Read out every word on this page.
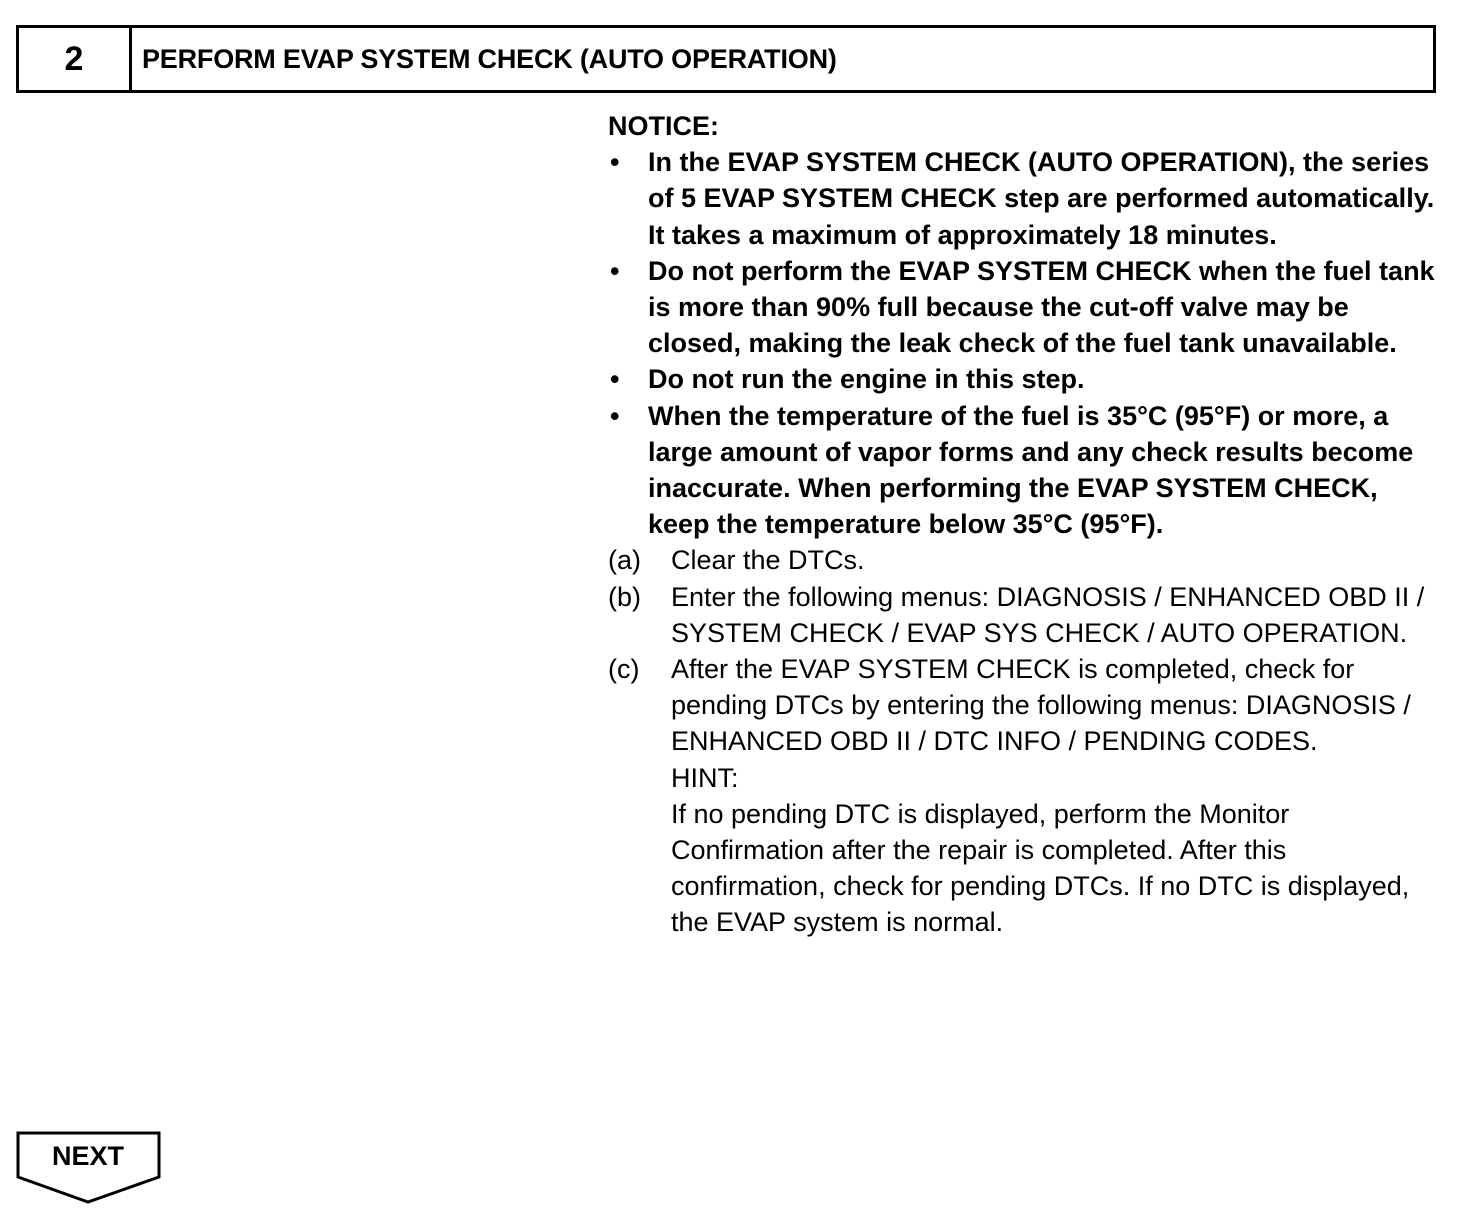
2	PERFORM EVAP SYSTEM CHECK (AUTO OPERATION)
NOTICE:
•	In the EVAP SYSTEM CHECK (AUTO OPERATION), the series of 5 EVAP SYSTEM CHECK step are performed automatically. It takes a maximum of approximately 18 minutes.
•	Do not perform the EVAP SYSTEM CHECK when the fuel tank is more than 90% full because the cut-off valve may be closed, making the leak check of the fuel tank unavailable.
•	Do not run the engine in this step.
•	When the temperature of the fuel is 35°C (95°F) or more, a large amount of vapor forms and any check results become inaccurate. When performing the EVAP SYSTEM CHECK, keep the temperature below 35°C (95°F).
(a)	Clear the DTCs.
(b)	Enter the following menus: DIAGNOSIS / ENHANCED OBD II / SYSTEM CHECK / EVAP SYS CHECK / AUTO OPERATION.
(c)	After the EVAP SYSTEM CHECK is completed, check for pending DTCs by entering the following menus: DIAGNOSIS / ENHANCED OBD II / DTC INFO / PENDING CODES.
HINT:
If no pending DTC is displayed, perform the Monitor Confirmation after the repair is completed. After this confirmation, check for pending DTCs. If no DTC is displayed, the EVAP system is normal.
NEXT
